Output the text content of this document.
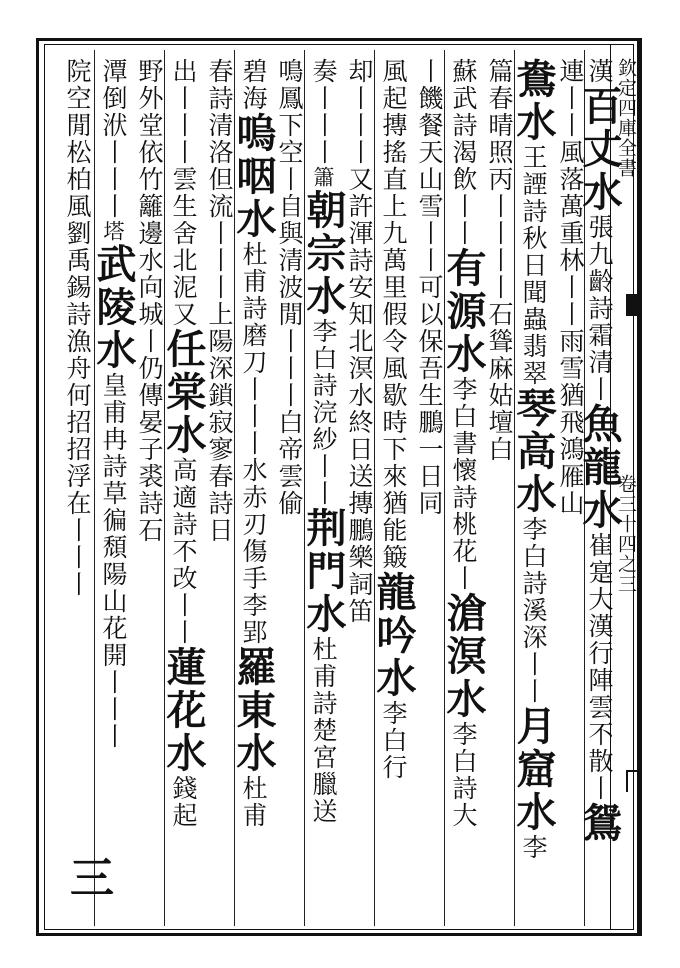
欽定四庫全書  卷三十四之三
漢百丈水張九齡詩霜清丨魚龍水崔寔大漢行陣雲不散丨鴛
連丨丨風落萬重林丨丨雨雪猶飛鴻雁山
鴦水王諲詩秋日聞蟲翡翠琴高水李白詩溪深丨丨月窟水李
篇春晴照丙丨丨丨丨石聳麻姑壇白
蘇武詩渴飲丨丨有源水李白書懷詩桃花丨滄溟水李白詩大
丨饑餐天山雪丨丨可以保吾生鵬一日同
風起摶搖直上九萬里假令風歇時下來猶能簸龍吟水李白行
却丨丨丨又許渾詩安知北溟水終日送摶鵬樂詞笛
奏丨丨丨簫朝宗水李白詩浣紗丨丨荆門水杜甫詩楚宮臘送
鳴鳳下空丨自與清波閒丨丨丨白帝雲偷
碧海嗚咽水杜甫詩磨刀丨丨丨水赤刃傷手李郢羅東水杜甫
春詩清洛但流丨丨丨上陽深鎖寂寥春詩日
出丨丨丨雲生舍北泥又任棠水高適詩不改丨丨蓮花水錢起
野外堂依竹籬邊水向城丨仍傳晏子裘詩石
潭倒洑丨丨丨塔武陵水皇甫冉詩草徧頹陽山花開丨丨丨
院空閒松柏風劉禹錫詩漁舟何招招浮在丨丨丨
三
